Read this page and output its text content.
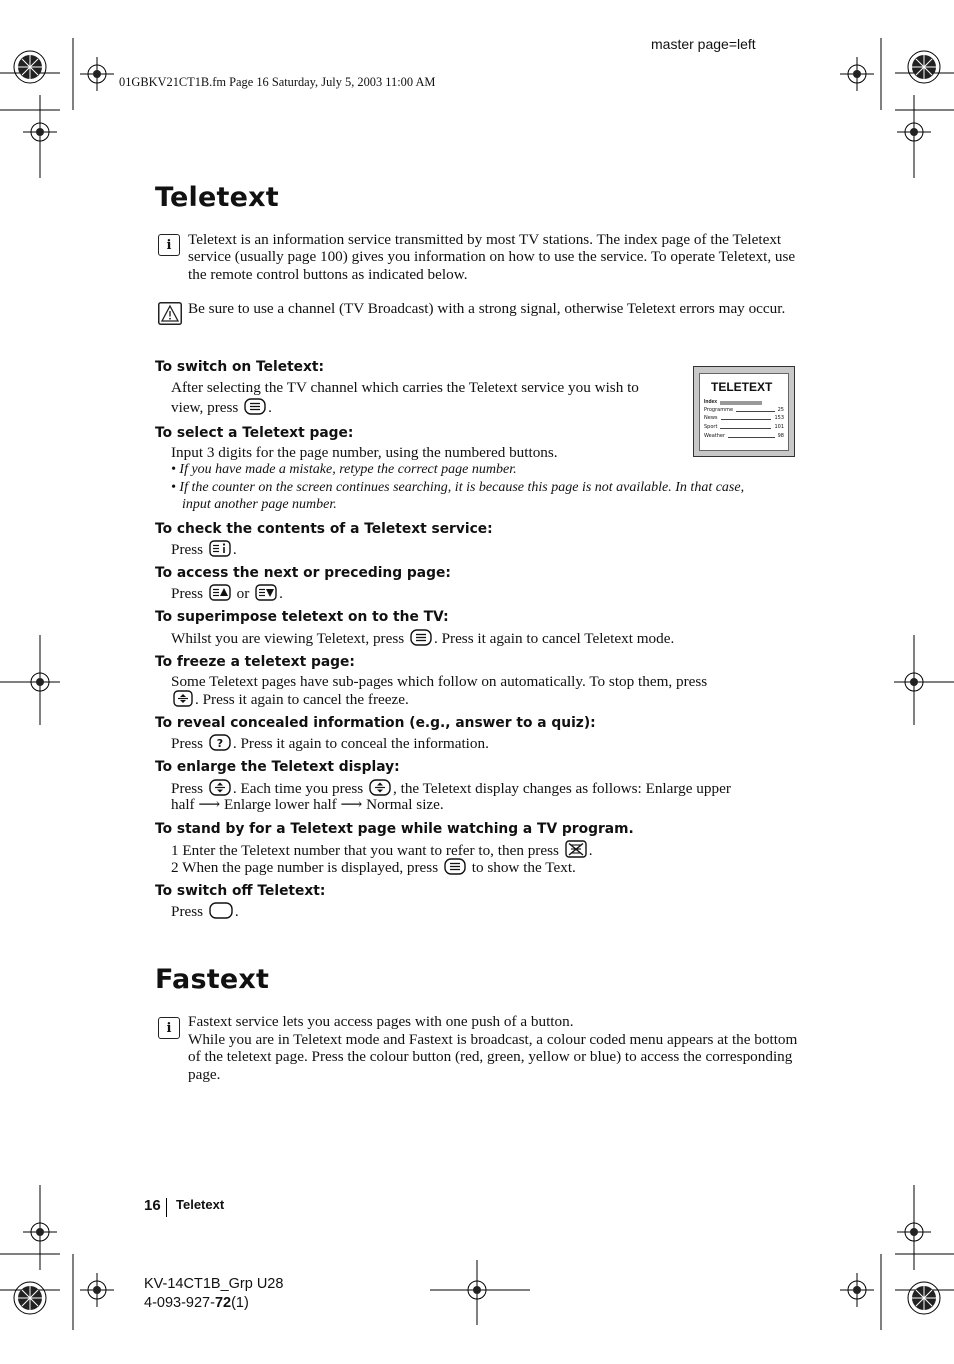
master page=left
01GBKV21CT1B.fm Page 16 Saturday, July 5, 2003 11:00 AM
Teletext
i	Teletext is an information service transmitted by most TV stations. The index page of the Teletext service (usually page 100) gives you information on how to use the service. To operate Teletext, use the remote control buttons as indicated below.
Be sure to use a channel (TV Broadcast) with a strong signal, otherwise Teletext errors may occur.
TELETEXT
Index
Programme	25
News	153
Sport	101
Weather	98
To switch on Teletext:
After selecting the TV channel which carries the Teletext service you wish to
view, press .
To select a Teletext page:
Input 3 digits for the page number, using the numbered buttons.
• If you have made a mistake, retype the correct page number.
• If the counter on the screen continues searching, it is because this page is not available. In that case,
input another page number.
To check the contents of a Teletext service:
Press .
To access the next or preceding page:
Press or .
To superimpose teletext on to the TV:
Whilst you are viewing Teletext, press . Press it again to cancel Teletext mode.
To freeze a teletext page:
Some Teletext pages have sub-pages which follow on automatically. To stop them, press
. Press it again to cancel the freeze.
To reveal concealed information (e.g., answer to a quiz):
Press ? . Press it again to conceal the information.
To enlarge the Teletext display:
Press . Each time you press , the Teletext display changes as follows: Enlarge upper
half ⟶ Enlarge lower half ⟶ Normal size.
To stand by for a Teletext page while watching a TV program.
1 Enter the Teletext number that you want to refer to, then press .
2 When the page number is displayed, press to show the Text.
To switch off Teletext:
Press .
Fastext
i	Fastext service lets you access pages with one push of a button.
While you are in Teletext mode and Fastext is broadcast, a colour coded menu appears at the bottom of the teletext page. Press the colour button (red, green, yellow or blue) to access the corresponding page.
16 Teletext
KV-14CT1B_Grp U28
4-093-927-72(1)
